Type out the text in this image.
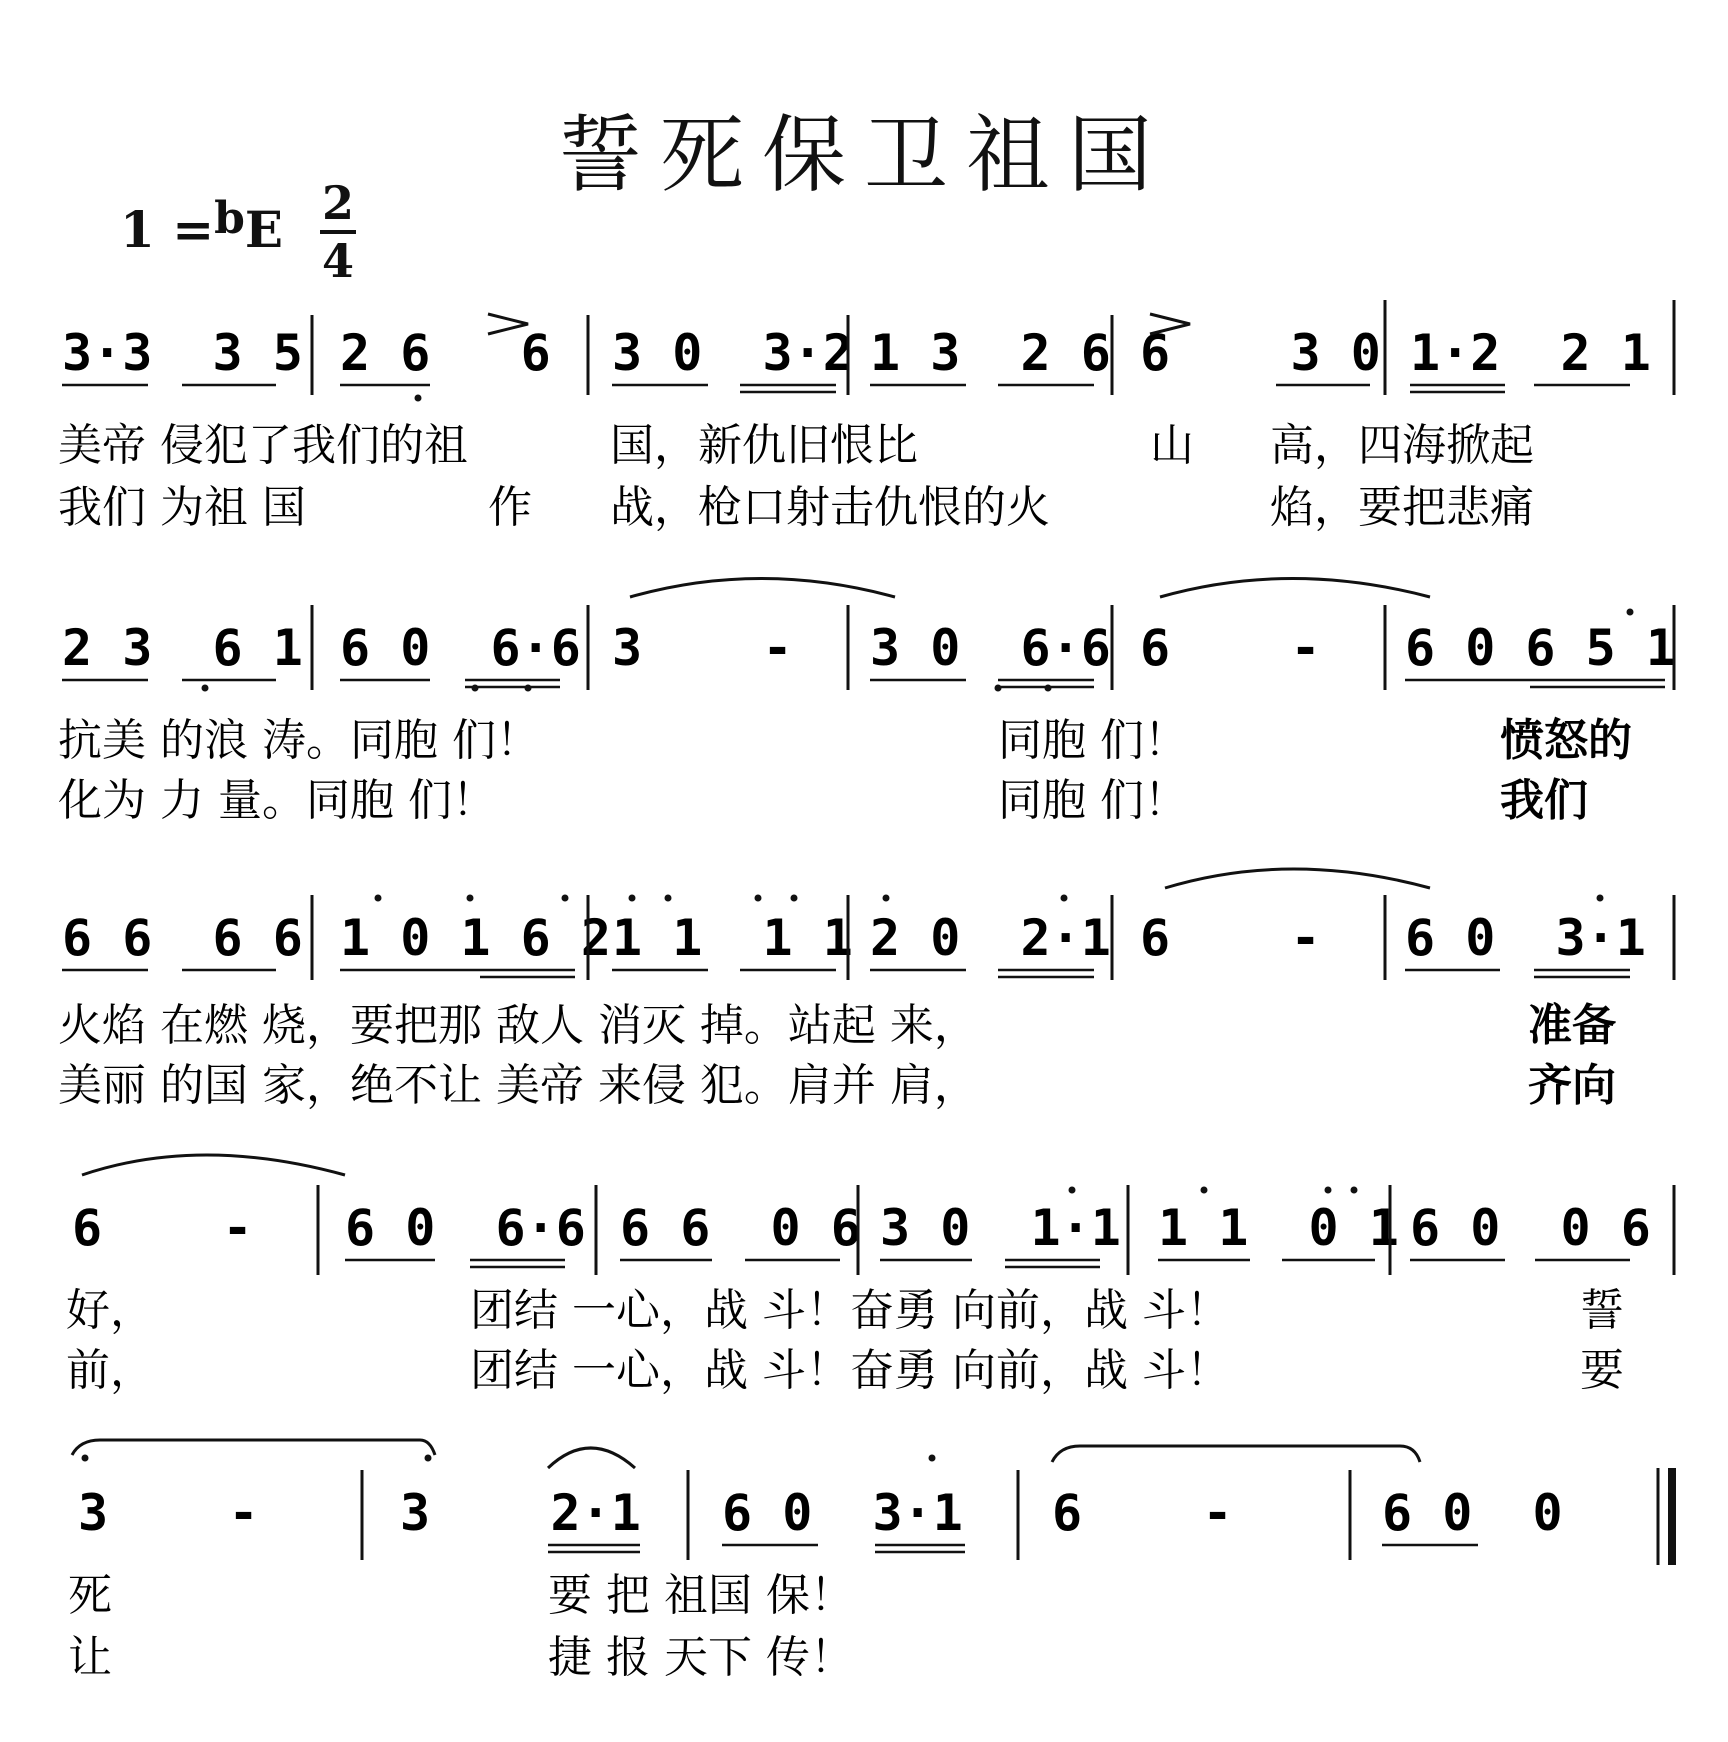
誓死保卫祖国
1 =bE 2
4
3·3  3 5 2 6   6 3 0  3·2 1 3  2 6 6    3 0 1·2  2 1
美帝 侵犯了我们的祖	国，新仇旧恨比	山 高，四海掀起
我们 为祖 国	作 战，枪口射击仇恨的火	焰，要把悲痛
2 3  6 1 6 0  6·6 3    - 3 0  6·6 6    - 6 0 6 5 1
抗美 的浪 涛。同胞 们！	同胞 们！	愤怒的
化为 力 量。同胞 们！	同胞 们！	我们
6 6  6 6 1 0 1 6 2 1 1  1 1 2 0  2·1 6    - 6 0  3·1
火焰 在燃 烧，要把那 敌人 消灭 掉。站起 来，	准备
美丽 的国 家，绝不让 美帝 来侵 犯。肩并 肩，	齐向
6    - 6 0  6·6 6 6  0 6 3 0  1·1 1 1  0 1 6 0  0 6
好，	团结 一心，战 斗！奋勇 向前，战 斗！	誓
前，	团结 一心，战 斗！奋勇 向前，战 斗！	要
3    -	3    2·1 6 0  3·1 6    -	6 0  0
死	要 把 祖国 保！
让	捷 报 天下 传！
